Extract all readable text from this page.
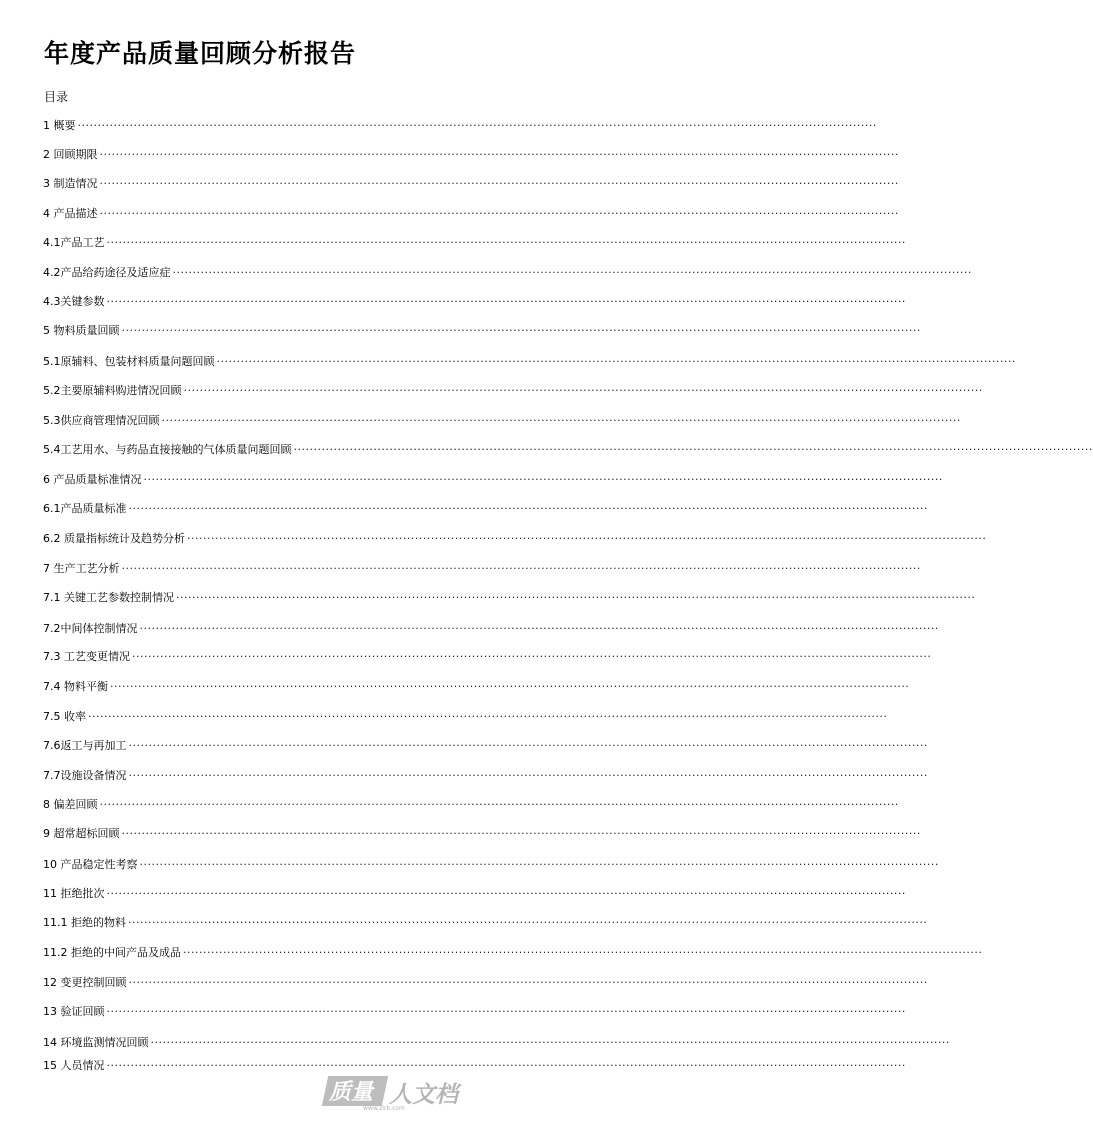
年度产品质量回顾分析报告
目录
1 概要 ········································································································································································································
2 回顾期限 ········································································································································································································
3 制造情况 ········································································································································································································
4 产品描述 ········································································································································································································
4.1产品工艺 ········································································································································································································
4.2产品给药途径及适应症 ········································································································································································································
4.3关键参数 ········································································································································································································
5 物料质量回顾 ········································································································································································································
5.1原辅料、包装材料质量问题回顾 ········································································································································································································
5.2主要原辅料购进情况回顾 ········································································································································································································
5.3供应商管理情况回顾 ········································································································································································································
5.4工艺用水、与药品直接接触的气体质量问题回顾 ········································································································································································································
6 产品质量标准情况 ········································································································································································································
6.1产品质量标准 ········································································································································································································
6.2 质量指标统计及趋势分析 ········································································································································································································
7 生产工艺分析 ········································································································································································································
7.1 关键工艺参数控制情况 ········································································································································································································
7.2中间体控制情况 ········································································································································································································
7.3 工艺变更情况 ········································································································································································································
7.4 物料平衡 ········································································································································································································
7.5 收率 ········································································································································································································
7.6返工与再加工 ········································································································································································································
7.7设施设备情况 ········································································································································································································
8 偏差回顾 ········································································································································································································
9 超常超标回顾 ········································································································································································································
10 产品稳定性考察 ········································································································································································································
11 拒绝批次 ········································································································································································································
11.1 拒绝的物料 ········································································································································································································
11.2 拒绝的中间产品及成品 ········································································································································································································
12 变更控制回顾 ········································································································································································································
13 验证回顾 ········································································································································································································
14 环境监测情况回顾 ········································································································································································································
15 人员情况 ········································································································································································································
质量 人文档
www.zlrb.com
